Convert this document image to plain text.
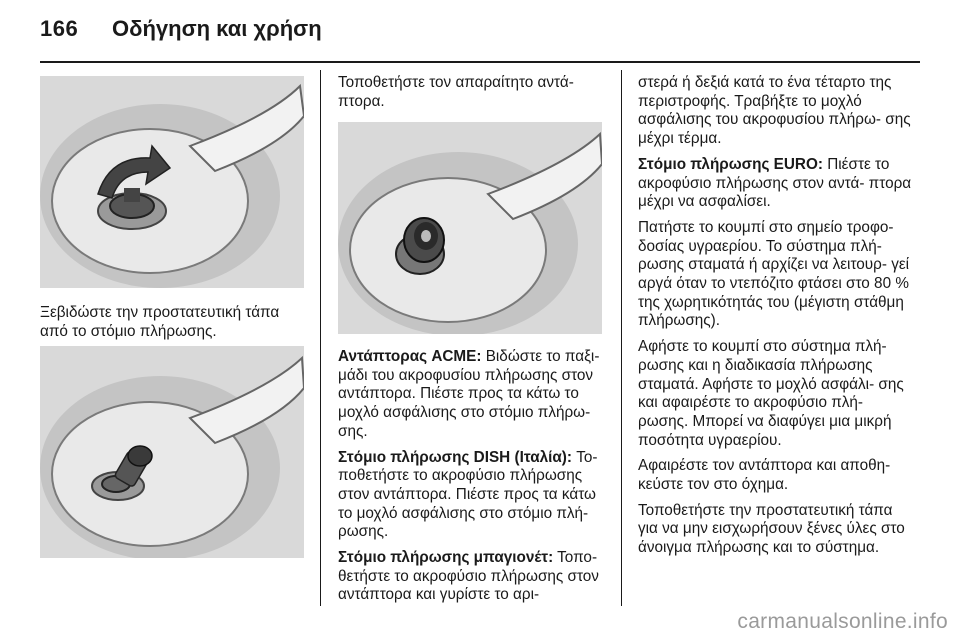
166 Οδήγηση και χρήση

Ξεβιδώστε την προστατευτική τάπα από το στόμιο πλήρωσης.

Τοποθετήστε τον απαραίτητο αντά- πτορα.

Αντάπτορας ACME: Βιδώστε το παξι- μάδι του ακροφυσίου πλήρωσης στον αντάπτορα. Πιέστε προς τα κάτω το μοχλό ασφάλισης στο στόμιο πλήρω- σης.

Στόμιο πλήρωσης DISH (Ιταλία): Το- ποθετήστε το ακροφύσιο πλήρωσης στον αντάπτορα. Πιέστε προς τα κάτω το μοχλό ασφάλισης στο στόμιο πλή- ρωσης.

Στόμιο πλήρωσης μπαγιονέτ: Τοπο- θετήστε το ακροφύσιο πλήρωσης στον αντάπτορα και γυρίστε το αρι-

στερά ή δεξιά κατά το ένα τέταρτο της περιστροφής. Τραβήξτε το μοχλό ασφάλισης του ακροφυσίου πλήρω- σης μέχρι τέρμα.

Στόμιο πλήρωσης EURO: Πιέστε το ακροφύσιο πλήρωσης στον αντά- πτορα μέχρι να ασφαλίσει.

Πατήστε το κουμπί στο σημείο τροφο- δοσίας υγραερίου. Το σύστημα πλή- ρωσης σταματά ή αρχίζει να λειτουρ- γεί αργά όταν το ντεπόζιτο φτάσει στο 80 % της χωρητικότητάς του (μέγιστη στάθμη πλήρωσης).

Αφήστε το κουμπί στο σύστημα πλή- ρωσης και η διαδικασία πλήρωσης σταματά. Αφήστε το μοχλό ασφάλι- σης και αφαιρέστε το ακροφύσιο πλή- ρωσης. Μπορεί να διαφύγει μια μικρή ποσότητα υγραερίου.

Αφαιρέστε τον αντάπτορα και αποθη- κεύστε τον στο όχημα.

Τοποθετήστε την προστατευτική τάπα για να μην εισχωρήσουν ξένες ύλες στο άνοιγμα πλήρωσης και το σύστημα.

carmanualsonline.info
